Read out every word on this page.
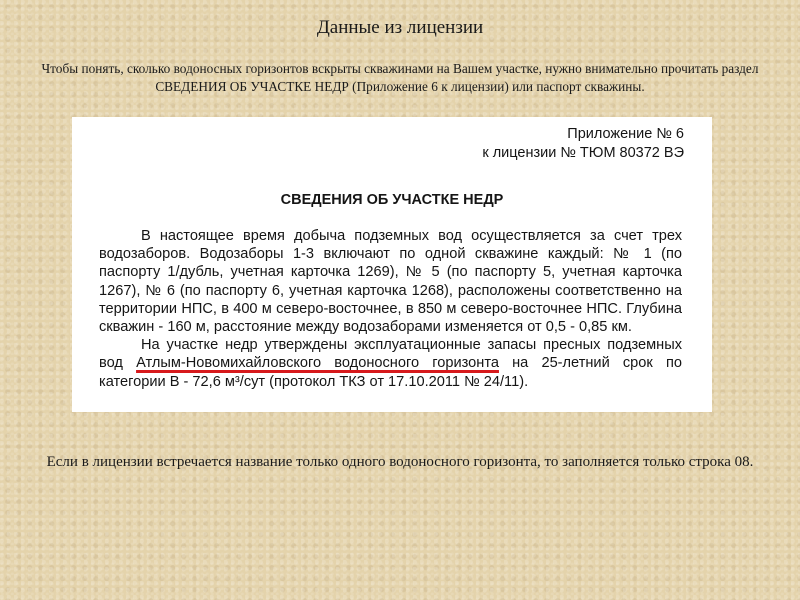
Данные из лицензии
Чтобы понять, сколько водоносных горизонтов вскрыты скважинами на Вашем участке, нужно внимательно прочитать раздел СВЕДЕНИЯ ОБ УЧАСТКЕ НЕДР (Приложение 6 к лицензии) или паспорт скважины.
Приложение № 6
к лицензии № ТЮМ 80372 ВЭ
СВЕДЕНИЯ ОБ УЧАСТКЕ НЕДР
В настоящее время добыча подземных вод осуществляется за счет трех водозаборов. Водозаборы 1-3 включают по одной скважине каждый: № 1 (по паспорту 1/дубль, учетная карточка 1269), № 5 (по паспорту 5, учетная карточка 1267), № 6 (по паспорту 6, учетная карточка 1268), расположены соответственно на территории НПС, в 400 м северо-восточнее, в 850 м северо-восточнее НПС. Глубина скважин - 160 м, расстояние между водозаборами изменяется от 0,5 - 0,85 км.
На участке недр утверждены эксплуатационные запасы пресных подземных вод Атлым-Новомихайловского водоносного горизонта на 25-летний срок по категории В - 72,6 м³/сут (протокол ТКЗ от 17.10.2011 № 24/11).
Если в лицензии встречается название только одного водоносного горизонта, то заполняется только строка 08.
